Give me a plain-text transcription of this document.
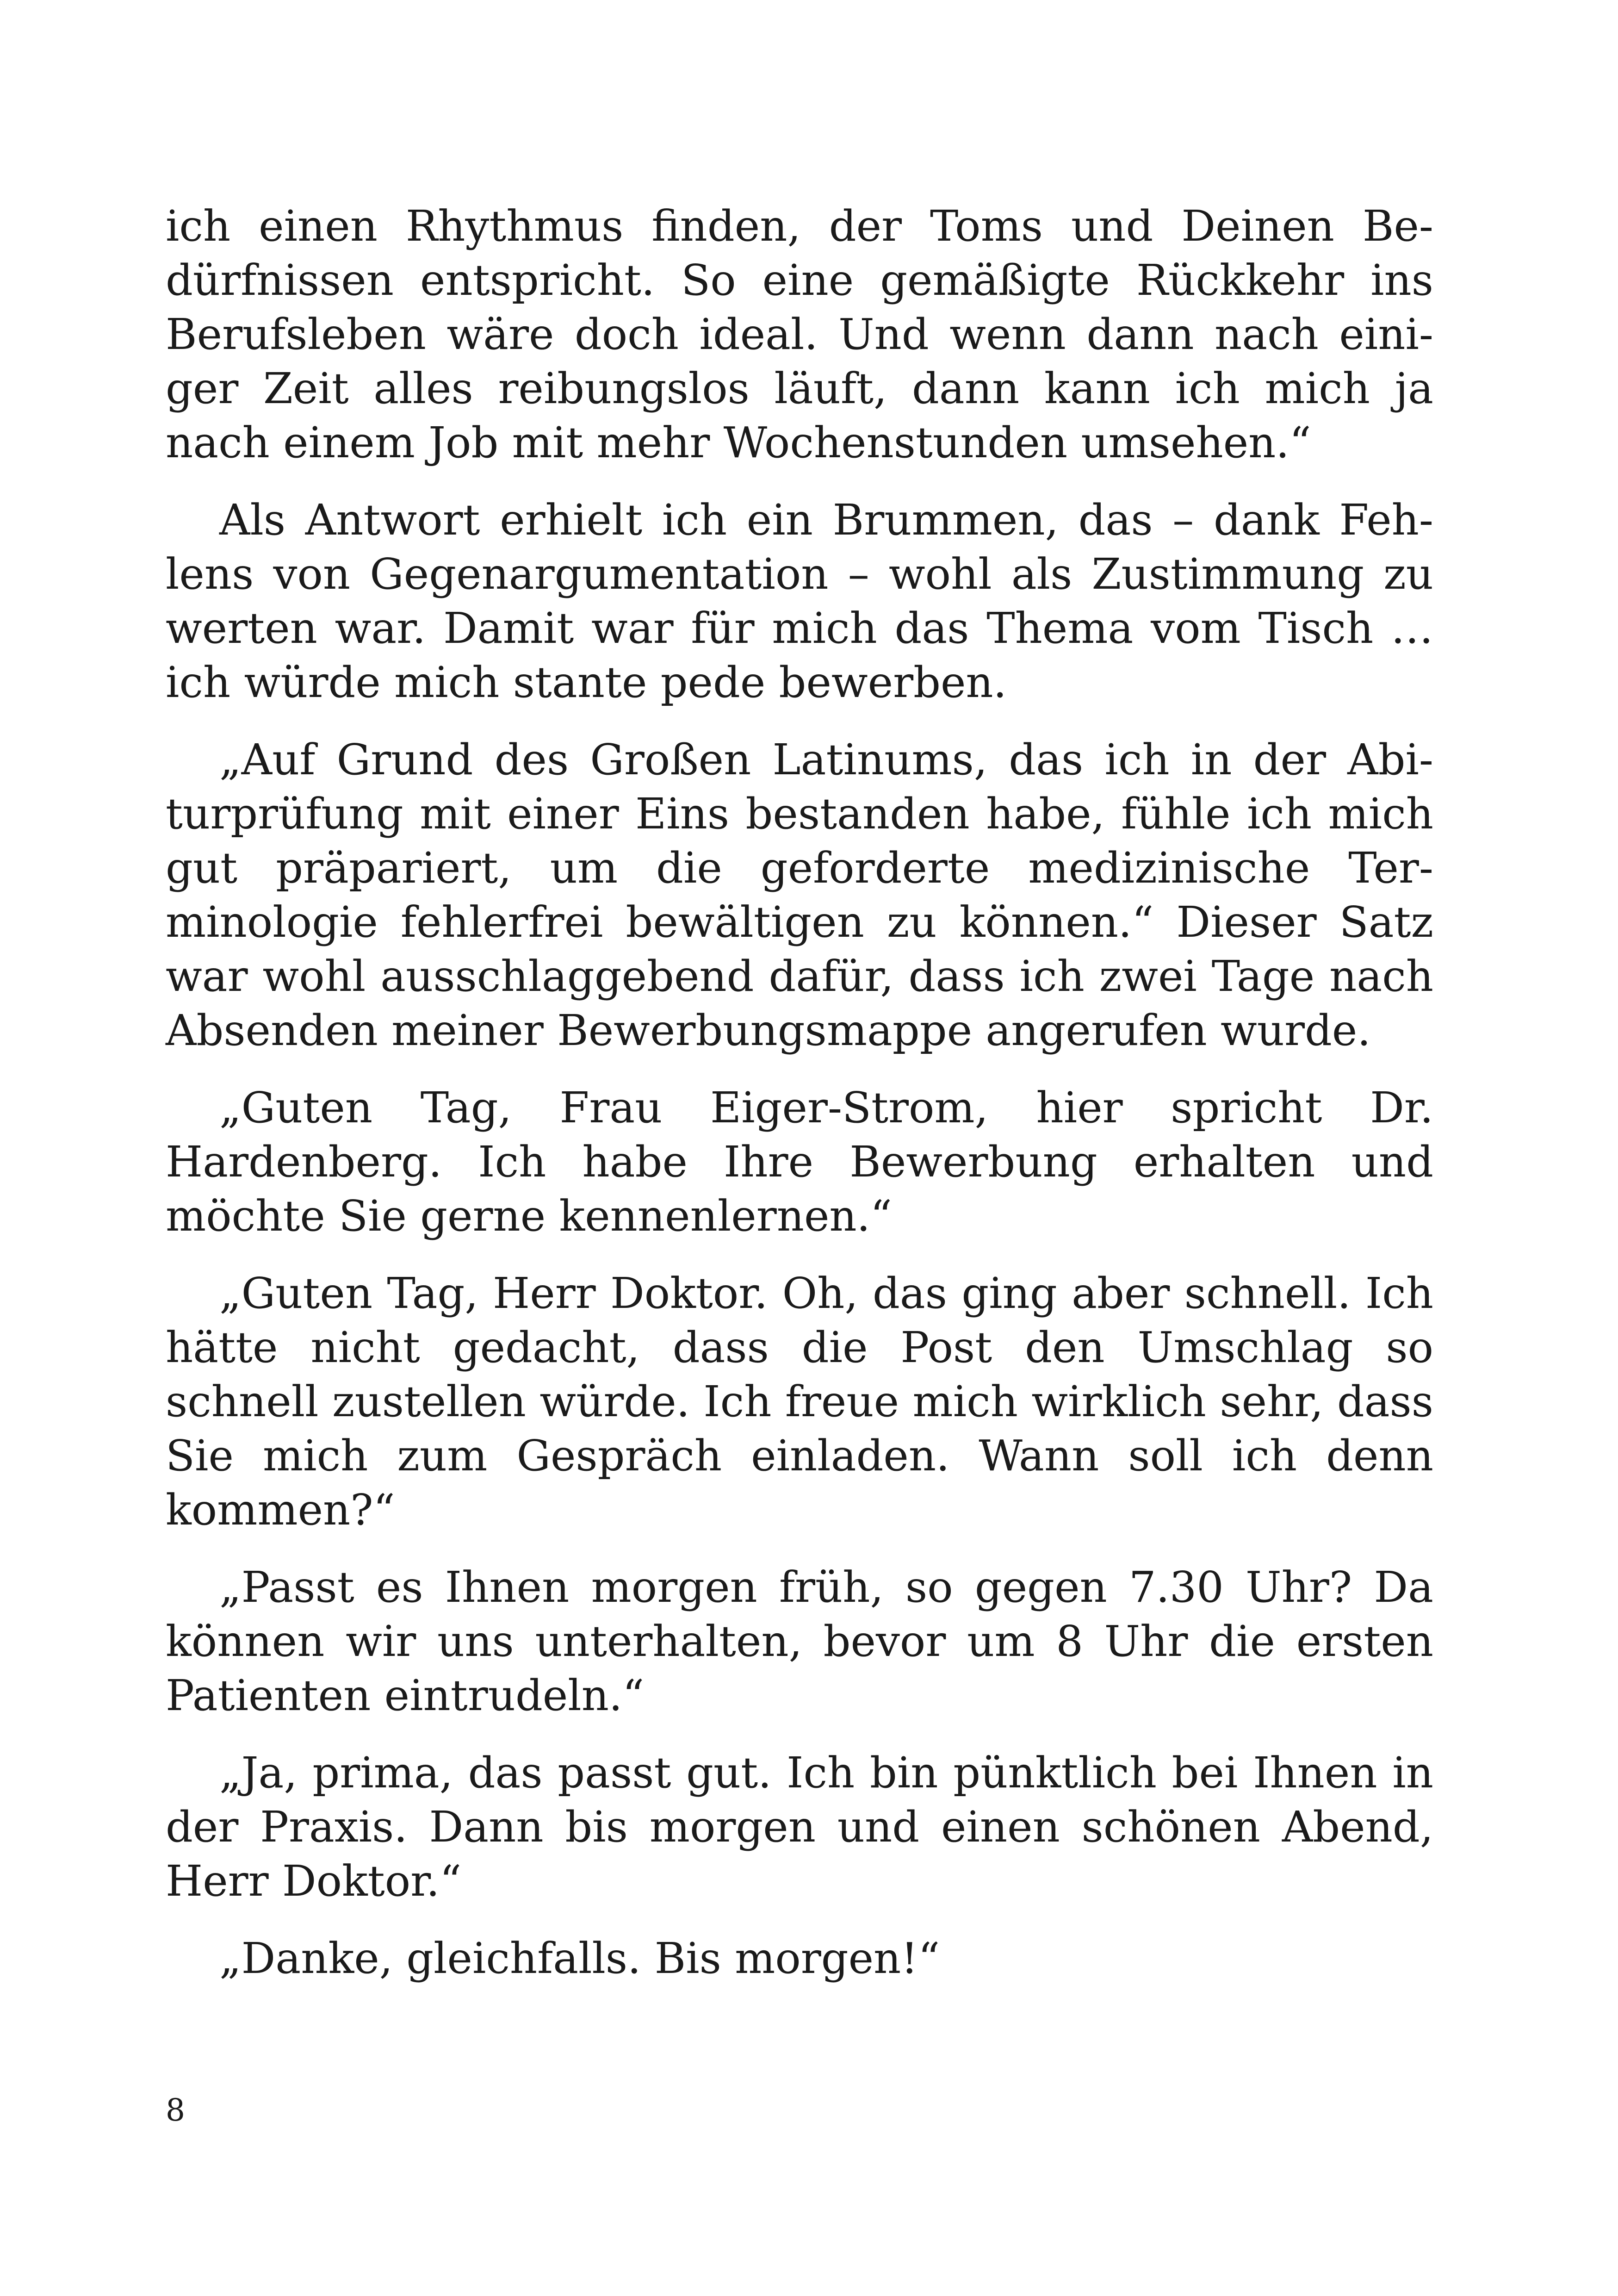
ich einen Rhythmus finden, der Toms und Deinen Bedürfnissen entspricht. So eine gemäßigte Rückkehr ins Berufsleben wäre doch ideal. Und wenn dann nach einiger Zeit alles reibungslos läuft, dann kann ich mich ja nach einem Job mit mehr Wochenstunden umsehen.“

Als Antwort erhielt ich ein Brummen, das – dank Fehlens von Gegenargumentation – wohl als Zustimmung zu werten war. Damit war für mich das Thema vom Tisch … ich würde mich stante pede bewerben.

„Auf Grund des Großen Latinums, das ich in der Abiturprüfung mit einer Eins bestanden habe, fühle ich mich gut präpariert, um die geforderte medizinische Terminologie fehlerfrei bewältigen zu können.“ Dieser Satz war wohl ausschlaggebend dafür, dass ich zwei Tage nach Absenden meiner Bewerbungsmappe angerufen wurde.

„Guten Tag, Frau Eiger-Strom, hier spricht Dr. Hardenberg. Ich habe Ihre Bewerbung erhalten und möchte Sie gerne kennenlernen.“

„Guten Tag, Herr Doktor. Oh, das ging aber schnell. Ich hätte nicht gedacht, dass die Post den Umschlag so schnell zustellen würde. Ich freue mich wirklich sehr, dass Sie mich zum Gespräch einladen. Wann soll ich denn kommen?“

„Passt es Ihnen morgen früh, so gegen 7.30 Uhr? Da können wir uns unterhalten, bevor um 8 Uhr die ersten Patienten eintrudeln.“

„Ja, prima, das passt gut. Ich bin pünktlich bei Ihnen in der Praxis. Dann bis morgen und einen schönen Abend, Herr Doktor.“

„Danke, gleichfalls. Bis morgen!“

8
